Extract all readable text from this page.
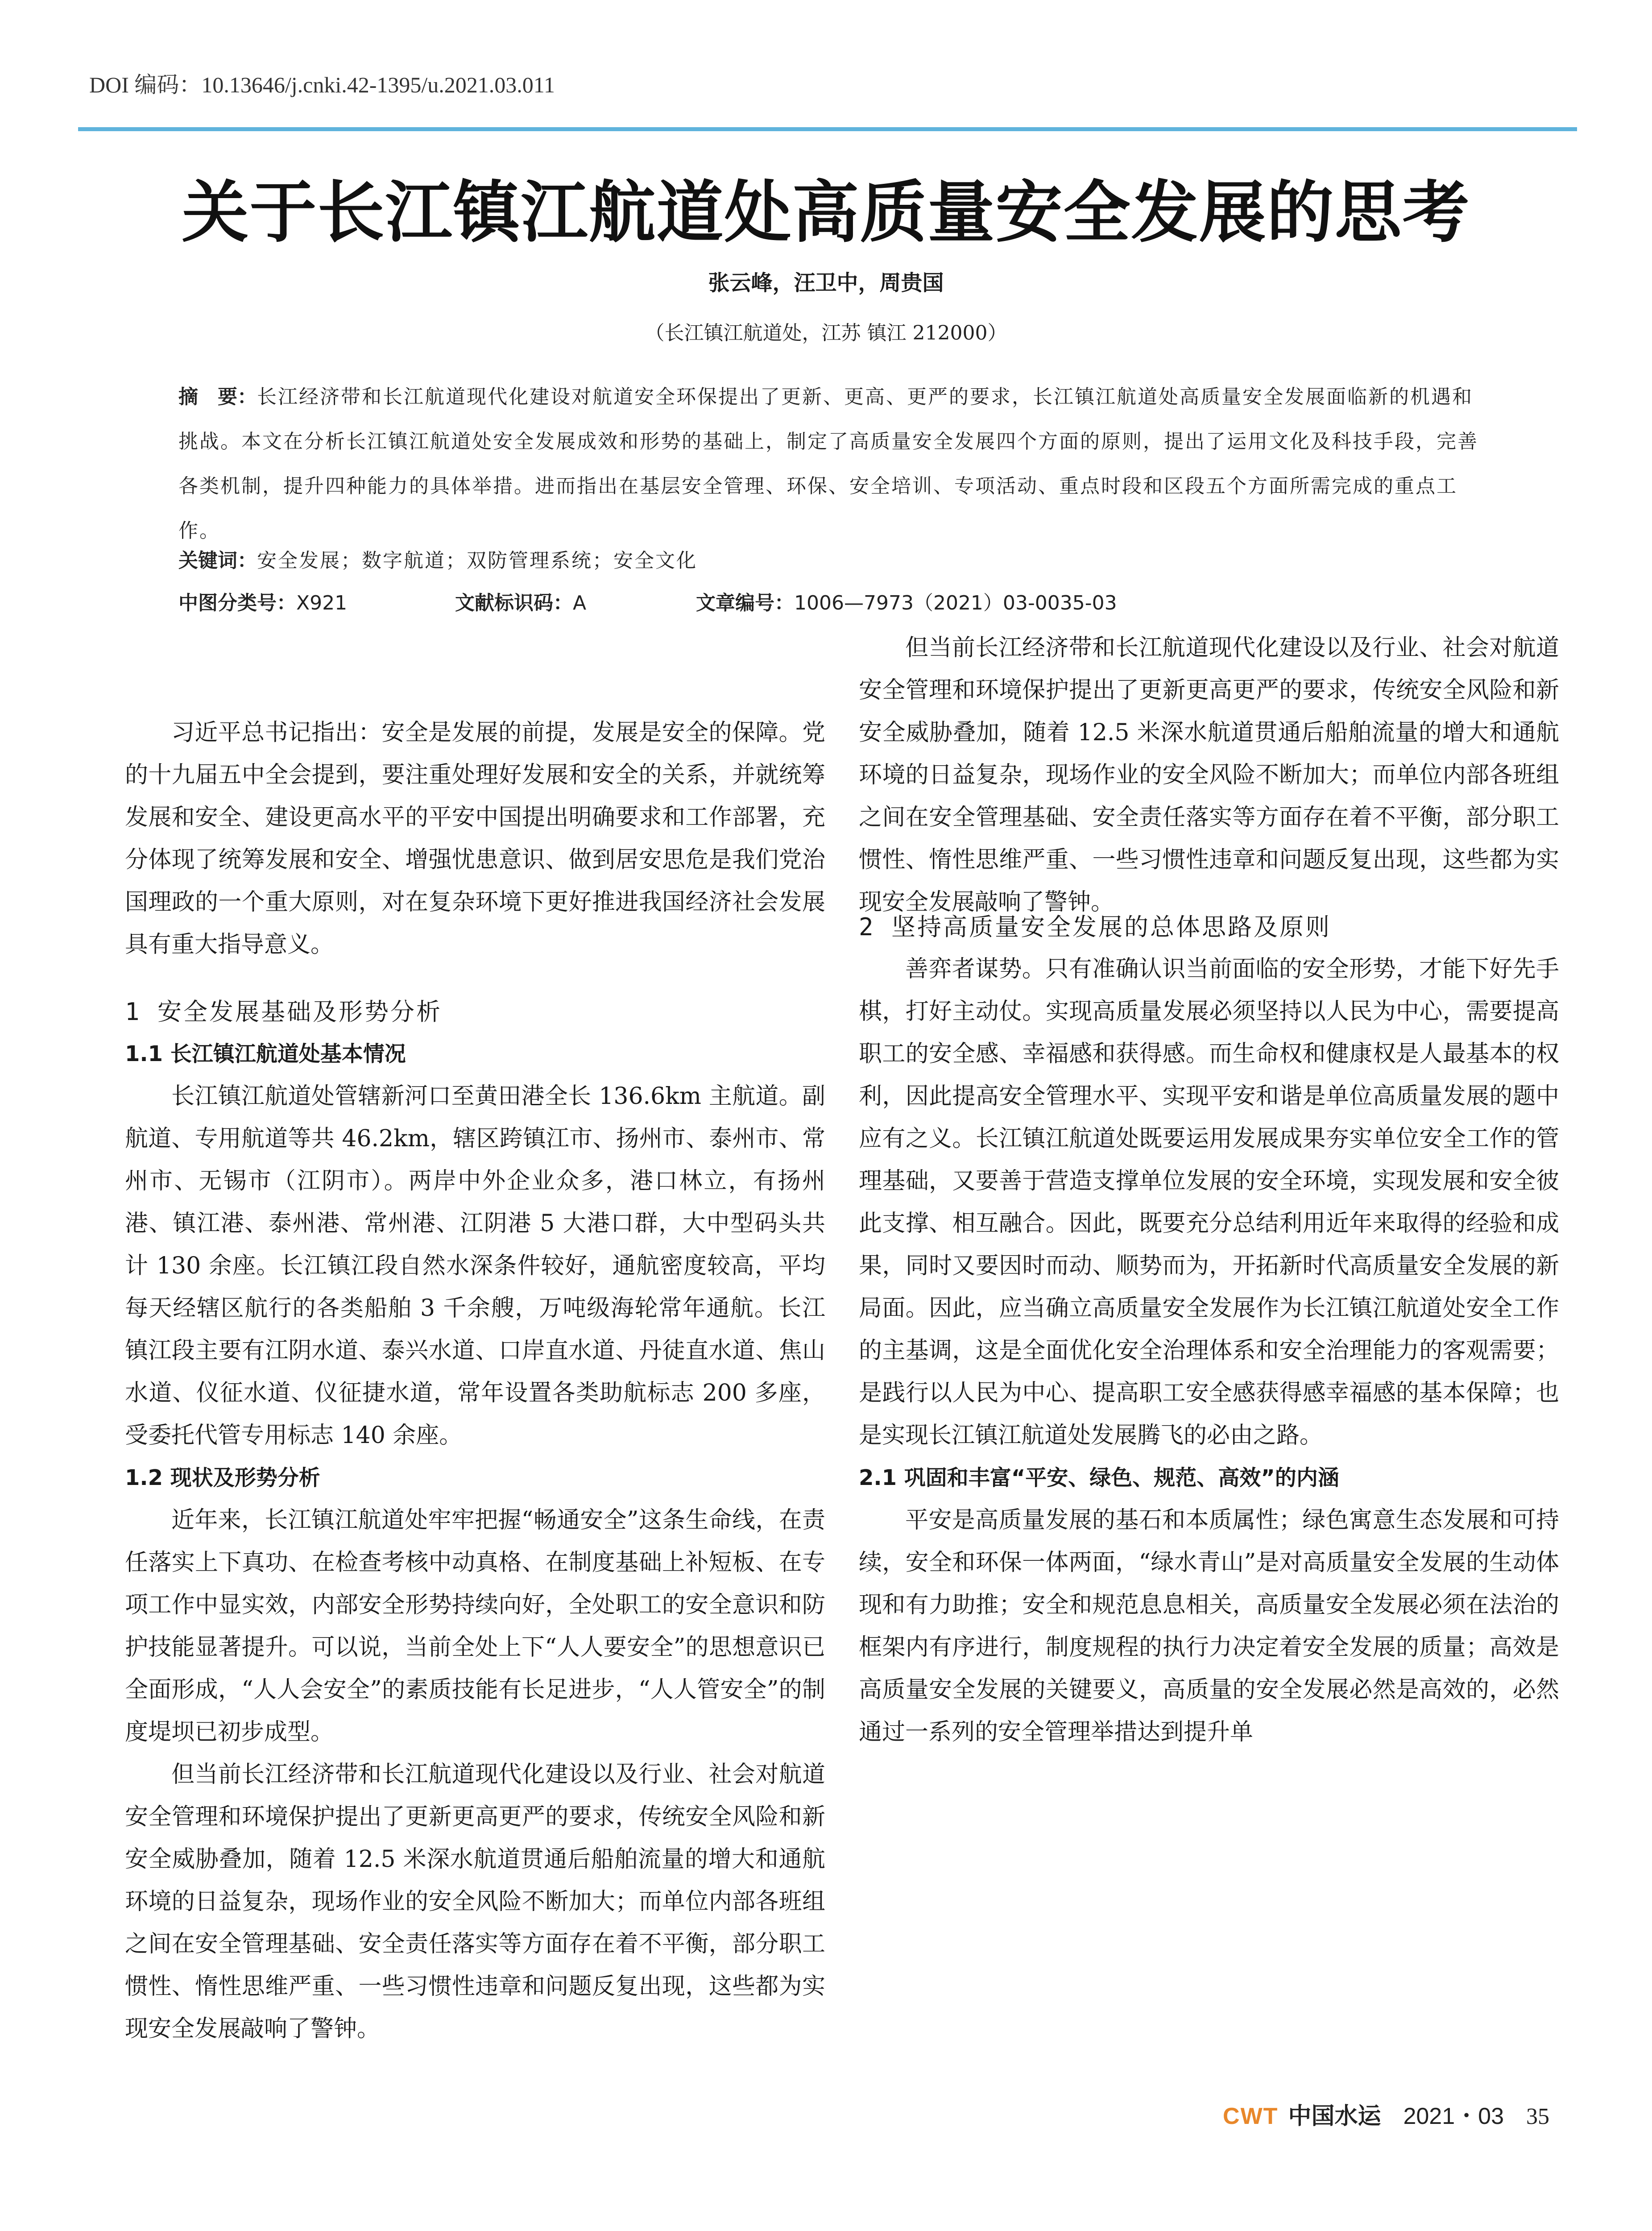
DOI 编码：10.13646/j.cnki.42-1395/u.2021.03.011
关于长江镇江航道处高质量安全发展的思考
张云峰，汪卫中，周贵国
（长江镇江航道处，江苏 镇江 212000）
摘　要：长江经济带和长江航道现代化建设对航道安全环保提出了更新、更高、更严的要求，长江镇江航道处高质量安全发展面临新的机遇和挑战。本文在分析长江镇江航道处安全发展成效和形势的基础上，制定了高质量安全发展四个方面的原则，提出了运用文化及科技手段，完善各类机制，提升四种能力的具体举措。进而指出在基层安全管理、环保、安全培训、专项活动、重点时段和区段五个方面所需完成的重点工作。
关键词：安全发展；数字航道；双防管理系统；安全文化
中图分类号：X921	文献标识码：A	文章编号：1006—7973（2021）03-0035-03

习近平总书记指出：安全是发展的前提，发展是安全的保障。党的十九届五中全会提到，要注重处理好发展和安全的关系，并就统筹发展和安全、建设更高水平的平安中国提出明确要求和工作部署，充分体现了统筹发展和安全、增强忧患意识、做到居安思危是我们党治国理政的一个重大原则，对在复杂环境下更好推进我国经济社会发展具有重大指导意义。

1 安全发展基础及形势分析
1.1 长江镇江航道处基本情况

长江镇江航道处管辖新河口至黄田港全长 136.6km 主航道。副航道、专用航道等共 46.2km，辖区跨镇江市、扬州市、泰州市、常州市、无锡市（江阴市）。两岸中外企业众多，港口林立，有扬州港、镇江港、泰州港、常州港、江阴港 5 大港口群，大中型码头共计 130 余座。长江镇江段自然水深条件较好，通航密度较高，平均每天经辖区航行的各类船舶 3 千余艘，万吨级海轮常年通航。长江镇江段主要有江阴水道、泰兴水道、口岸直水道、丹徒直水道、焦山水道、仪征水道、仪征捷水道，常年设置各类助航标志 200 多座，受委托代管专用标志 140 余座。

1.2 现状及形势分析

近年来，长江镇江航道处牢牢把握“畅通安全”这条生命线，在责任落实上下真功、在检查考核中动真格、在制度基础上补短板、在专项工作中显实效，内部安全形势持续向好，全处职工的安全意识和防护技能显著提升。可以说，当前全处上下“人人要安全”的思想意识已全面形成，“人人会安全”的素质技能有长足进步，“人人管安全”的制度堤坝已初步成型。

但当前长江经济带和长江航道现代化建设以及行业、社会对航道安全管理和环境保护提出了更新更高更严的要求，传统安全风险和新安全威胁叠加，随着 12.5 米深水航道贯通后船舶流量的增大和通航环境的日益复杂，现场作业的安全风险不断加大；而单位内部各班组之间在安全管理基础、安全责任落实等方面存在着不平衡，部分职工惯性、惰性思维严重、一些习惯性违章和问题反复出现，这些都为实现安全发展敲响了警钟。

但当前长江经济带和长江航道现代化建设以及行业、社会对航道安全管理和环境保护提出了更新更高更严的要求，传统安全风险和新安全威胁叠加，随着 12.5 米深水航道贯通后船舶流量的增大和通航环境的日益复杂，现场作业的安全风险不断加大；而单位内部各班组之间在安全管理基础、安全责任落实等方面存在着不平衡，部分职工惯性、惰性思维严重、一些习惯性违章和问题反复出现，这些都为实现安全发展敲响了警钟。

2 坚持高质量安全发展的总体思路及原则

善弈者谋势。只有准确认识当前面临的安全形势，才能下好先手棋，打好主动仗。实现高质量发展必须坚持以人民为中心，需要提高职工的安全感、幸福感和获得感。而生命权和健康权是人最基本的权利，因此提高安全管理水平、实现平安和谐是单位高质量发展的题中应有之义。长江镇江航道处既要运用发展成果夯实单位安全工作的管理基础，又要善于营造支撑单位发展的安全环境，实现发展和安全彼此支撑、相互融合。因此，既要充分总结利用近年来取得的经验和成果，同时又要因时而动、顺势而为，开拓新时代高质量安全发展的新局面。因此，应当确立高质量安全发展作为长江镇江航道处安全工作的主基调，这是全面优化安全治理体系和安全治理能力的客观需要；是践行以人民为中心、提高职工安全感获得感幸福感的基本保障；也是实现长江镇江航道处发展腾飞的必由之路。

2.1 巩固和丰富“平安、绿色、规范、高效”的内涵

平安是高质量发展的基石和本质属性；绿色寓意生态发展和可持续，安全和环保一体两面，“绿水青山”是对高质量安全发展的生动体现和有力助推；安全和规范息息相关，高质量安全发展必须在法治的框架内有序进行，制度规程的执行力决定着安全发展的质量；高效是高质量安全发展的关键要义，高质量的安全发展必然是高效的，必然通过一系列的安全管理举措达到提升单

CWT 中国水运 2021・03 35
